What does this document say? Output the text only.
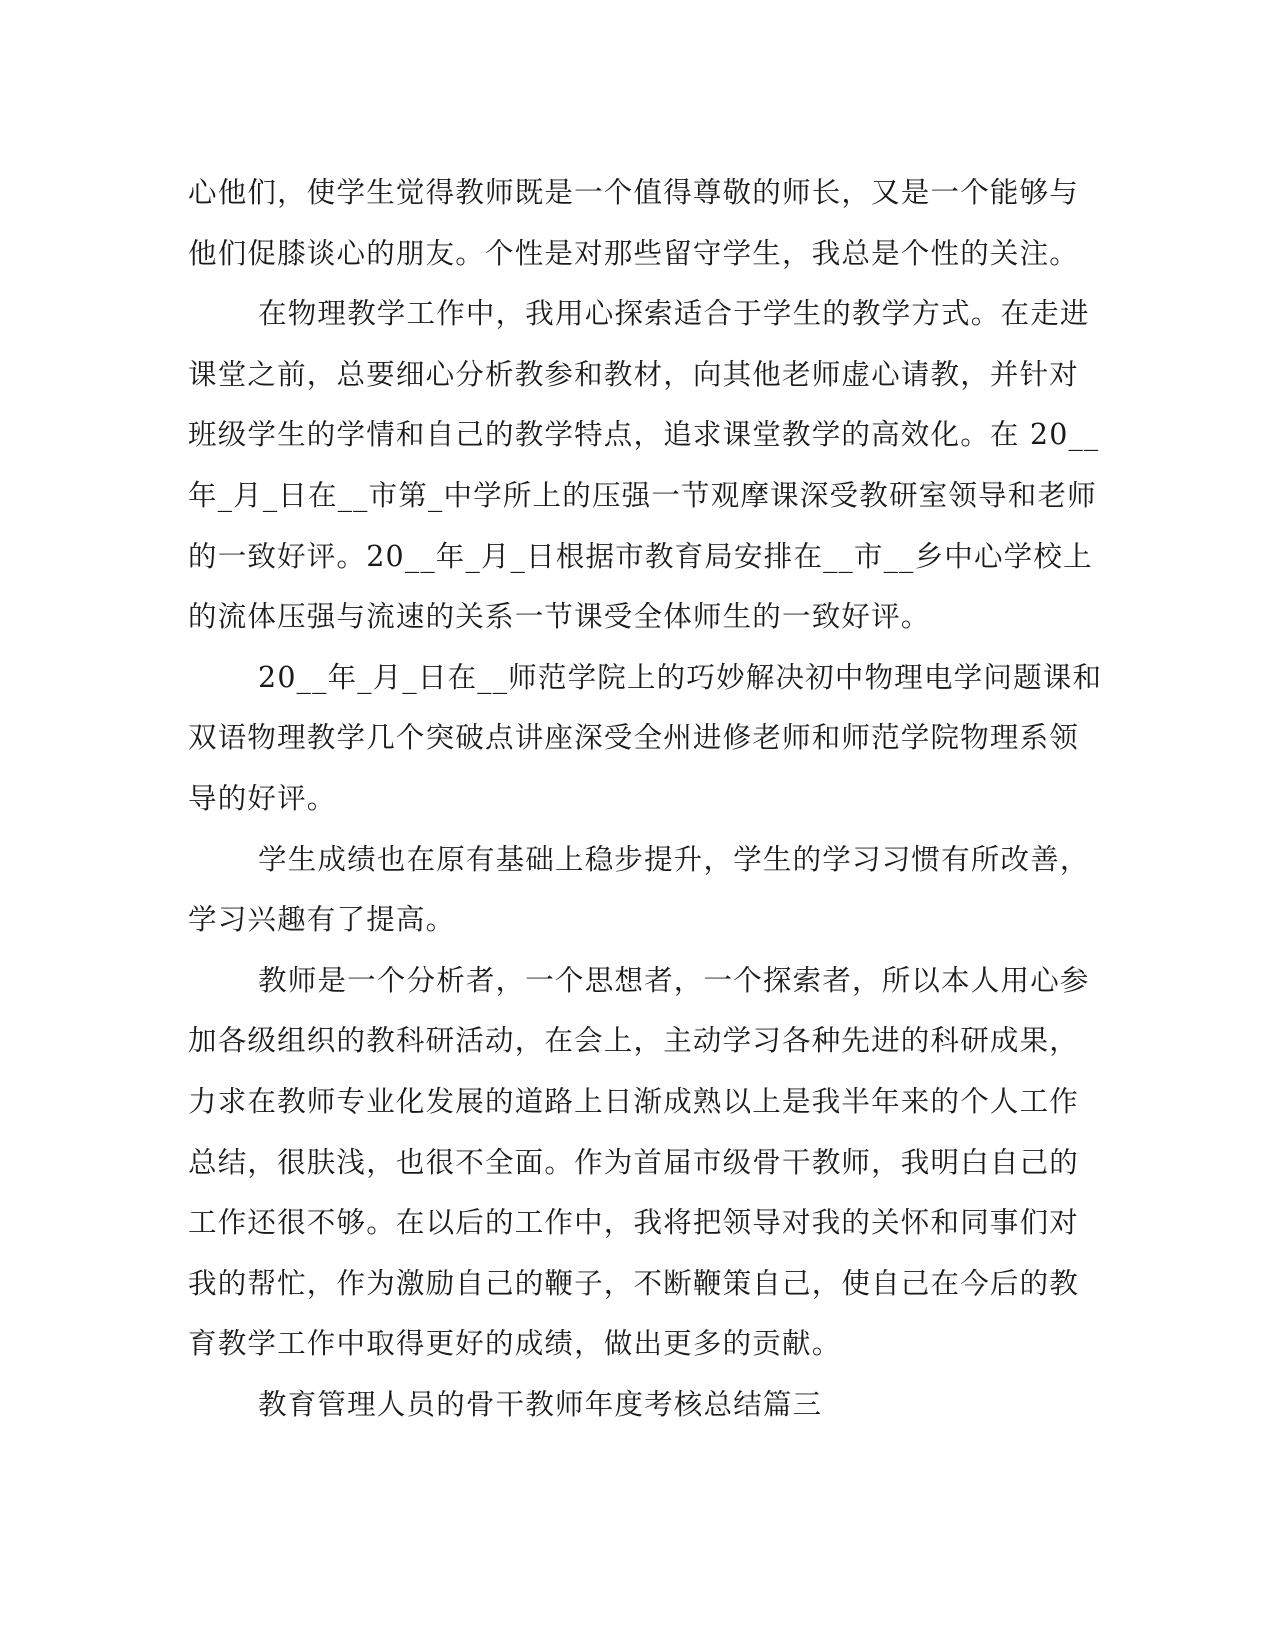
心他们，使学生觉得教师既是一个值得尊敬的师长，又是一个能够与
他们促膝谈心的朋友。个性是对那些留守学生，我总是个性的关注。
在物理教学工作中，我用心探索适合于学生的教学方式。在走进
课堂之前，总要细心分析教参和教材，向其他老师虚心请教，并针对
班级学生的学情和自己的教学特点，追求课堂教学的高效化。在 20__
年_月_日在__市第_中学所上的压强一节观摩课深受教研室领导和老师
的一致好评。20__年_月_日根据市教育局安排在__市__乡中心学校上
的流体压强与流速的关系一节课受全体师生的一致好评。
20__年_月_日在__师范学院上的巧妙解决初中物理电学问题课和
双语物理教学几个突破点讲座深受全州进修老师和师范学院物理系领
导的好评。
学生成绩也在原有基础上稳步提升，学生的学习习惯有所改善，
学习兴趣有了提高。
教师是一个分析者，一个思想者，一个探索者，所以本人用心参
加各级组织的教科研活动，在会上，主动学习各种先进的科研成果，
力求在教师专业化发展的道路上日渐成熟以上是我半年来的个人工作
总结，很肤浅，也很不全面。作为首届市级骨干教师，我明白自己的
工作还很不够。在以后的工作中，我将把领导对我的关怀和同事们对
我的帮忙，作为激励自己的鞭子，不断鞭策自己，使自己在今后的教
育教学工作中取得更好的成绩，做出更多的贡献。
教育管理人员的骨干教师年度考核总结篇三
